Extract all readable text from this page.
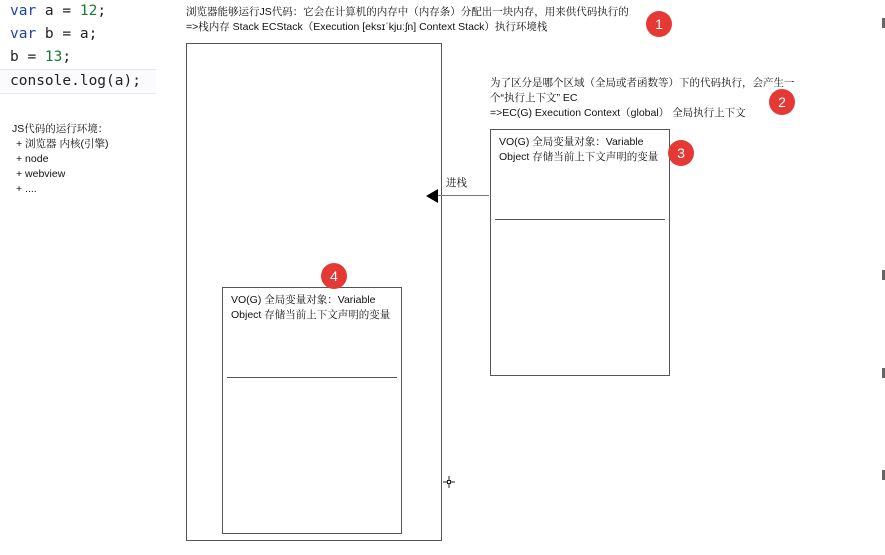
var a = 12;
var b = a;
b = 13;
console.log(a);
JS代码的运行环境：
+ 浏览器 内核(引擎)
+ node
+ webview
+ ....
浏览器能够运行JS代码：它会在计算机的内存中（内存条）分配出一块内存，用来供代码执行的
=>栈内存 Stack ECStack（Execution [eksɪˈkjuːʃn] Context Stack）执行环境栈	1
VO(G) 全局变量对象：Variable
Object 存储当前上下文声明的变量
4
为了区分是哪个区域（全局或者函数等）下的代码执行，会产生一
个“执行上下文” EC
=>EC(G) Execution Context（global） 全局执行上下文
2
VO(G) 全局变量对象：Variable
Object 存储当前上下文声明的变量	3
进栈
